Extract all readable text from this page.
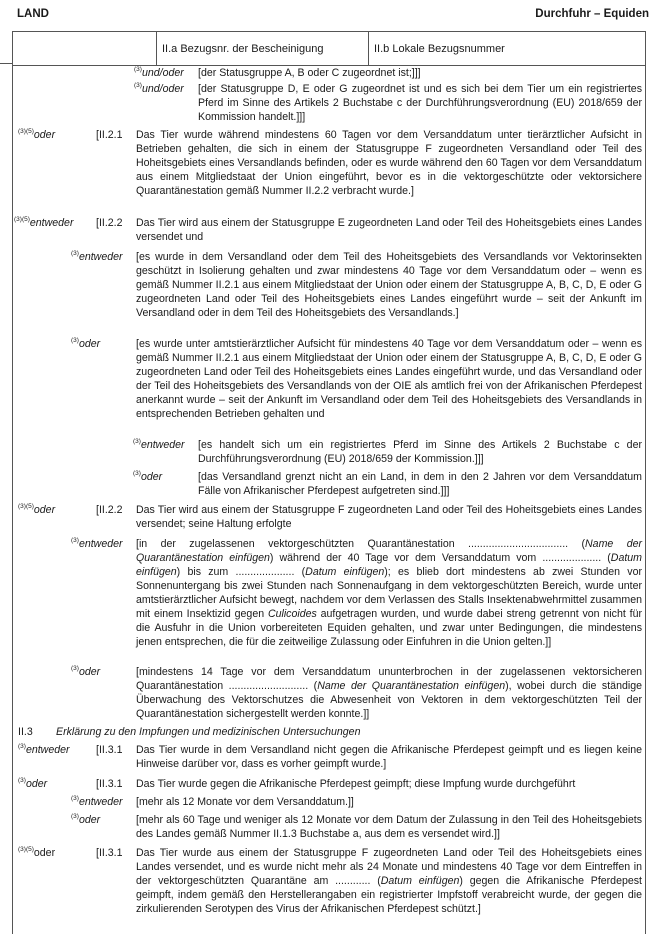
LAND	Durchfuhr – Equiden
II.a Bezugsnr. der Bescheinigung	II.b Lokale Bezugsnummer
$^{(3)}$und/oder [der Statusgruppe A, B oder C zugeordnet ist;]]]
$^{(3)}$und/oder [der Statusgruppe D, E oder G zugeordnet ist und es sich bei dem Tier um ein registriertes Pferd im Sinne des Artikels 2 Buchstabe c der Durchführungsverordnung (EU) 2018/659 der Kommission handelt.]]]
$^{(3)(5)}$oder	[II.2.1 Das Tier wurde während mindestens 60 Tagen vor dem Versanddatum unter tierärztlicher Aufsicht in Betrieben gehalten, die sich in einem der Statusgruppe F zugeordneten Versandland oder Teil des Hoheitsgebiets eines Versandlands befinden, oder es wurde während den 60 Tagen vor dem Versanddatum aus einem Mitgliedstaat der Union eingeführt, bevor es in die vektorgeschützte oder vektorsichere Quarantänestation gemäß Nummer II.2.2 verbracht wurde.]
$^{(3)(5)}$entweder [II.2.2 Das Tier wird aus einem der Statusgruppe E zugeordneten Land oder Teil des Hoheitsgebiets eines Landes versendet und
$^{(3)}$entweder [es wurde in dem Versandland oder dem Teil des Hoheitsgebiets des Versandlands vor Vektorinsekten geschützt in Isolierung gehalten und zwar mindestens 40 Tage vor dem Versanddatum oder – wenn es gemäß Nummer II.2.1 aus einem Mitgliedstaat der Union oder einem der Statusgruppe A, B, C, D, E oder G zugeordneten Land oder Teil des Hoheitsgebiets eines Landes eingeführt wurde – seit der Ankunft im Versandland oder in dem Teil des Hoheitsgebiets des Versandlands.]
$^{(3)}$oder	[es wurde unter amtstierärztlicher Aufsicht für mindestens 40 Tage vor dem Versanddatum oder – wenn es gemäß Nummer II.2.1 aus einem Mitgliedstaat der Union oder einem der Statusgruppe A, B, C, D, E oder G zugeordneten Land oder Teil des Hoheitsgebiets eines Landes eingeführt wurde, und das Versandland oder der Teil des Hoheitsgebiets des Versandlands von der OIE als amtlich frei von der Afrikanischen Pferdepest anerkannt wurde – seit der Ankunft im Versandland oder dem Teil des Hoheitsgebiets des Versandlands in entsprechenden Betrieben gehalten und
$^{(3)}$entweder [es handelt sich um ein registriertes Pferd im Sinne des Artikels 2 Buchstabe c der Durchführungsverordnung (EU) 2018/659 der Kommission.]]]
$^{(3)}$oder	[das Versandland grenzt nicht an ein Land, in dem in den 2 Jahren vor dem Versanddatum Fälle von Afrikanischer Pferdepest aufgetreten sind.]]]
$^{(3)(5)}$oder	[II.2.2 Das Tier wird aus einem der Statusgruppe F zugeordneten Land oder Teil des Hoheitsgebiets eines Landes versendet; seine Haltung erfolgte
$^{(3)}$entweder [in der zugelassenen vektorgeschützten Quarantänestation .................................. (Name der Quarantänestation einfügen) während der 40 Tage vor dem Versanddatum vom .................... (Datum einfügen) bis zum .................... (Datum einfügen); es blieb dort mindestens ab zwei Stunden vor Sonnenuntergang bis zwei Stunden nach Sonnenaufgang in dem vektorgeschützten Bereich, wurde unter amtstierärztlicher Aufsicht bewegt, nachdem vor dem Verlassen des Stalls Insektenabwehrmittel zusammen mit einem Insektizid gegen Culicoides aufgetragen wurden, und wurde dabei streng getrennt von nicht für die Ausfuhr in die Union vorbereiteten Equiden gehalten, und zwar unter Bedingungen, die mindestens jenen entsprechen, die für die zeitweilige Zulassung oder Einfuhren in die Union gelten.]]
$^{(3)}$oder	[mindestens 14 Tage vor dem Versanddatum ununterbrochen in der zugelassenen vektorsicheren Quarantänestation ........................... (Name der Quarantänestation einfügen), wobei durch die ständige Überwachung des Vektorschutzes die Abwesenheit von Vektoren in dem vektorgeschützten Teil der Quarantänestation sichergestellt werden konnte.]]
II.3 Erklärung zu den Impfungen und medizinischen Untersuchungen
$^{(3)}$entweder [II.3.1 Das Tier wurde in dem Versandland nicht gegen die Afrikanische Pferdepest geimpft und es liegen keine Hinweise darüber vor, dass es vorher geimpft wurde.]
$^{(3)}$oder	[II.3.1 Das Tier wurde gegen die Afrikanische Pferdepest geimpft; diese Impfung wurde durchgeführt
$^{(3)}$entweder [mehr als 12 Monate vor dem Versanddatum.]]
$^{(3)}$oder	[mehr als 60 Tage und weniger als 12 Monate vor dem Datum der Zulassung in den Teil des Hoheitsgebiets des Landes gemäß Nummer II.1.3 Buchstabe a, aus dem es versendet wird.]]
$^{(3)(5)}$oder	[II.3.1 Das Tier wurde aus einem der Statusgruppe F zugeordneten Land oder Teil des Hoheitsgebiets eines Landes versendet, und es wurde nicht mehr als 24 Monate und mindestens 40 Tage vor dem Eintreffen in der vektorgeschützten Quarantäne am ............ (Datum einfügen) gegen die Afrikanische Pferdepest geimpft, indem gemäß den Herstellerangaben ein registrierter Impfstoff verabreicht wurde, der gegen die zirkulierenden Serotypen des Virus der Afrikanischen Pferdepest schützt.]
